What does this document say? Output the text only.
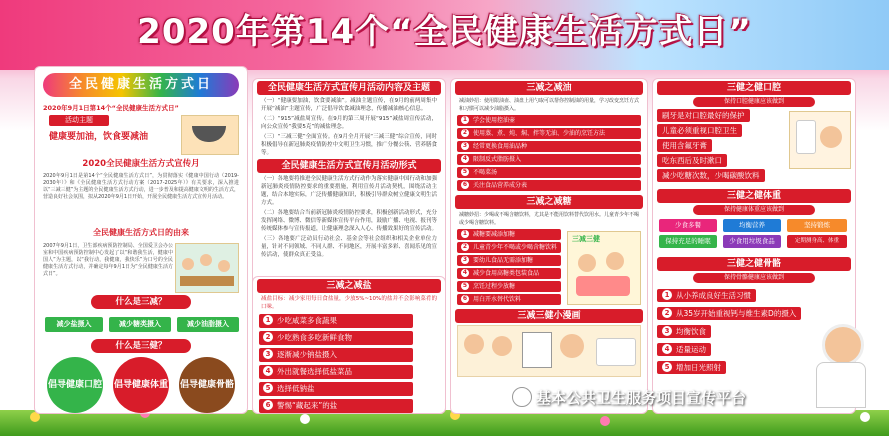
2020年第14个“全民健康生活方式日”
全民健康生活方式日
2020年9月1日第14个“全民健康生活方式日”
活动主题
健康要加油，饮食要减油
2020全民健康生活方式宣传月
2020年9月1日是第14个“全民健康生活方式日”，为贯彻落实《健康中国行动（2019-2030年）》和《全民健康生活方式行动方案（2017-2025年）》有关要求，深入推进以“三减三健”为主题的全民健康生活方式行动，进一步普及和提高健康文明的生活方式，营造良好社会氛围，拟从2020年9月1日开始，开展全民健康生活方式宣传月活动。
全民健康生活方式日的由来
2007年9月1日，卫生部疾病预防控制局、全国爱卫会办公室和中国疾病预防控制中心发起了以“和谐我生活，健康中国人”为主题，以“我行动，我健康，我快乐”为口号的全民健康生活方式行动，并确定每年9月1日为“全民健康生活方式日”。
什么是三减？
减少盐摄入	减少糖类摄入	减少油脂摄入
什么是三健？
倡导健康口腔 倡导健康体重 倡导健康骨骼
全民健康生活方式宣传月活动内容及主题
（一）“健康要加油，饮食要减油”。减油主题宣传，在9月的前两周集中开展“减油”主题宣传，广泛倡导饮食减油理念，传播减油核心信息。
（二）“915”减盐周宣传。在9月的第三周开展“915”减盐周宣传活动，向公众宣传“我要5克”的减盐理念。
（三）“三减三健”全面宣传。在9月全月开展“三减三健”综合宣传，同时积极倡导在新冠肺炎疫情防控中文明卫生习惯，推广分餐公筷、营养膳食等。
全民健康生活方式宣传月活动形式
（一）各地要将推进全民健康生活方式行动作为落实健康中国行动和加强新冠肺炎疫情防控要求的重要措施，利用宣传月活动契机，围绕活动主题，结合本地实际，广泛传播健康知识，积极引导群众树立健康文明生活方式。
（二）各地要结合当前新冠肺炎疫情防控要求，积极创新活动形式，充分发挥网络、微博、微信等新媒体宣传平台作用，鼓励广播、电视、报刊等传统媒体参与宣传报道，让健康理念深入人心、传播效果好的宣传活动。
（三）各地要广泛动员行动社会、基金会等社会组织和相关企业单位力量，针对不同领域、不同人群、不同地区，开展丰富多彩、喜闻乐见的宣传活动，使群众真正受益。
三减之减盐
减盐目标：减少家用每日食盐量，少放5%~10%的盐并不会影响菜肴的口味。
1 少吃咸菜多食蔬果
2 少吃熟食多吃新鲜食物
3 逐渐减少钠盐摄入
4 外出就餐选择低盐菜品
5 选择低钠盐
6 警惕“藏起来”的盐
三减之减油
减油妙招：使用限油壶、油盘上用勺取可以帮你控制油的用量，学习改变烹饪方式和习惯可以减少油脂摄入。
1 学会使用控油壶
2 使用蒸、煮、炖、焖、拌等无油、少油的烹饪方法
3 经常更换食用油品种
4 限制反式脂肪摄入
5 不喝菜汤
6 关注食品营养成分表
三减之减糖
减糖妙招：少喝或不喝含糖饮料，尤其是不能用饮料替代饮用水。儿童青少年不喝或少喝含糖饮料。
1 减糖要减添加糖
2 儿童青少年不喝或少喝含糖饮料
3 要幼儿食品无需添加糖
4 减少食用高糖类包装食品
5 烹饪过程少放糖
6 用白开水替代饮料
三减三健
三减三健小漫画
三健之健口腔
保持口腔健康应该做到
刷牙是对口腔最好的保护
儿童必须重视口腔卫生
使用含氟牙膏
吃东西后及时漱口
减少吃糖次数，少喝碳酸饮料
三健之健体重
保持健康体重应该做到
少食多餐	均衡营养	坚持锻炼
保持充足的睡眠	少食用垃圾食品	定期测身高、体重
三健之健骨骼
保持骨骼健康应该做到
1 从小养成良好生活习惯
2 从35岁开始重视钙与维生素D的摄入
3 均衡饮食
4 适量运动
5 增加日光照射
基本公共卫生服务项目宣传平台
